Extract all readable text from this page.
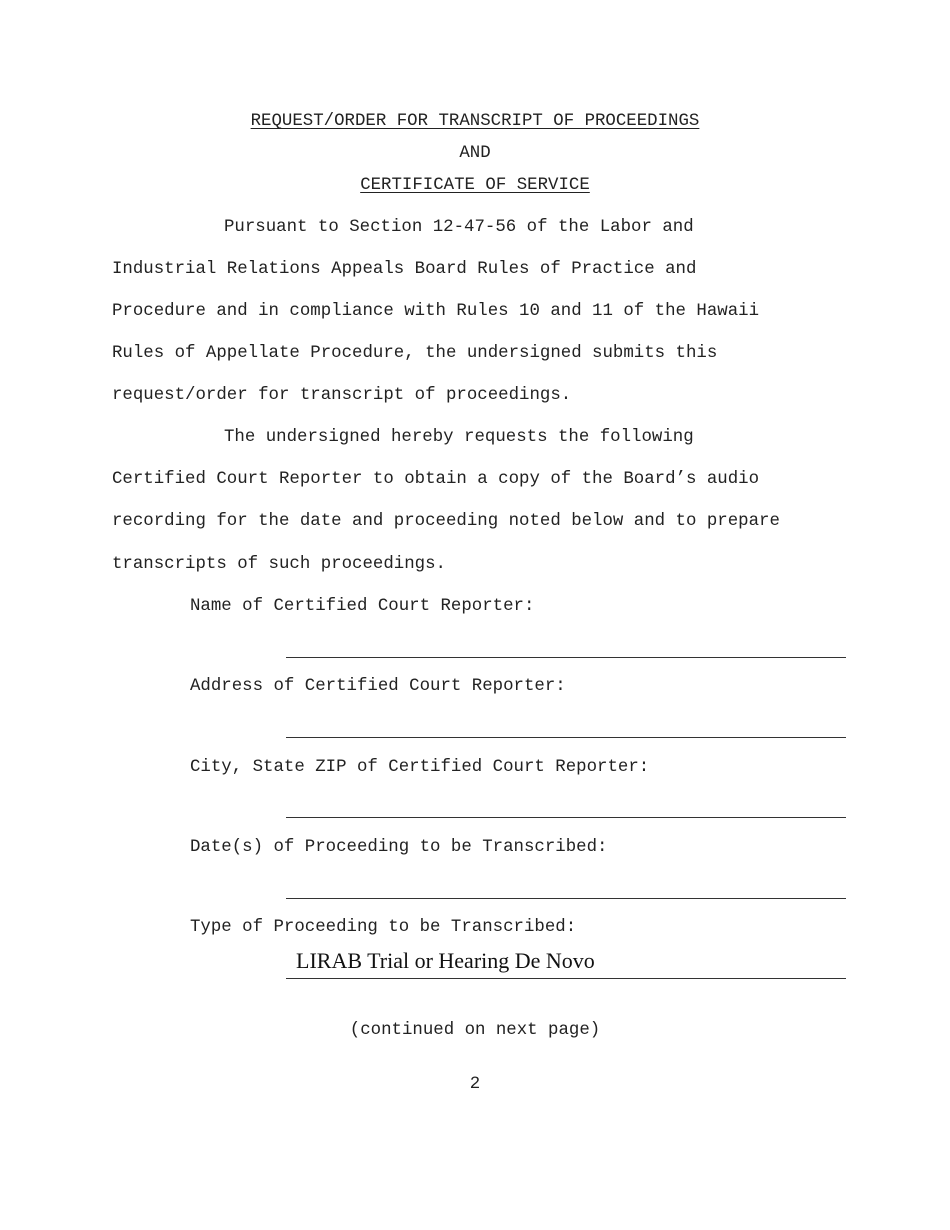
REQUEST/ORDER FOR TRANSCRIPT OF PROCEEDINGS
AND
CERTIFICATE OF SERVICE
Pursuant to Section 12-47-56 of the Labor and
Industrial Relations Appeals Board Rules of Practice and
Procedure and in compliance with Rules 10 and 11 of the Hawaii
Rules of Appellate Procedure, the undersigned submits this
request/order for transcript of proceedings.
The undersigned hereby requests the following
Certified Court Reporter to obtain a copy of the Board’s audio
recording for the date and proceeding noted below and to prepare
transcripts of such proceedings.
Name of Certified Court Reporter:
Address of Certified Court Reporter:
City, State ZIP of Certified Court Reporter:
Date(s) of Proceeding to be Transcribed:
Type of Proceeding to be Transcribed:
LIRAB Trial or Hearing De Novo
(continued on next page)
2
